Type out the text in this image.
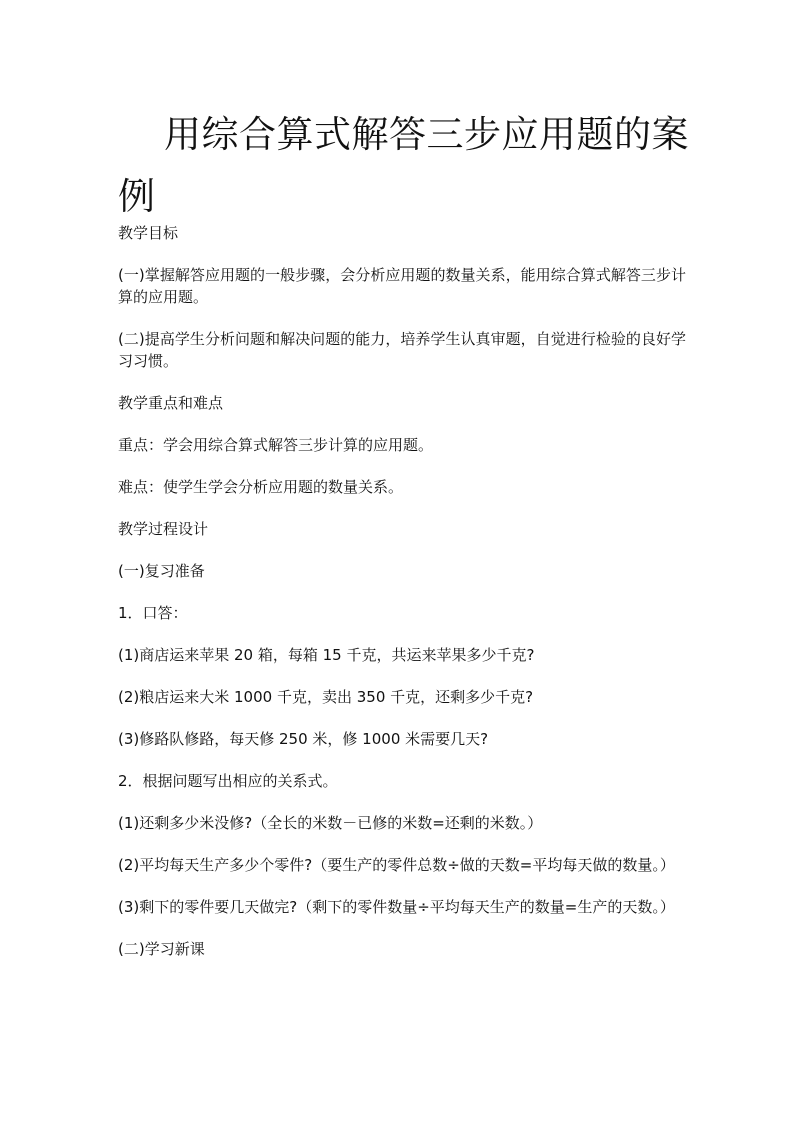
用综合算式解答三步应用题的案
例

教学目标

(一)掌握解答应用题的一般步骤，会分析应用题的数量关系，能用综合算式解答三步计算的应用题。

(二)提高学生分析问题和解决问题的能力，培养学生认真审题，自觉进行检验的良好学习习惯。

教学重点和难点

重点：学会用综合算式解答三步计算的应用题。

难点：使学生学会分析应用题的数量关系。

教学过程设计

(一)复习准备

1．口答：

(1)商店运来苹果 20 箱，每箱 15 千克，共运来苹果多少千克?

(2)粮店运来大米 1000 千克，卖出 350 千克，还剩多少千克?

(3)修路队修路，每天修 250 米，修 1000 米需要几天?

2．根据问题写出相应的关系式。

(1)还剩多少米没修?（全长的米数－已修的米数=还剩的米数。）

(2)平均每天生产多少个零件?（要生产的零件总数÷做的天数=平均每天做的数量。）

(3)剩下的零件要几天做完?（剩下的零件数量÷平均每天生产的数量=生产的天数。）

(二)学习新课
